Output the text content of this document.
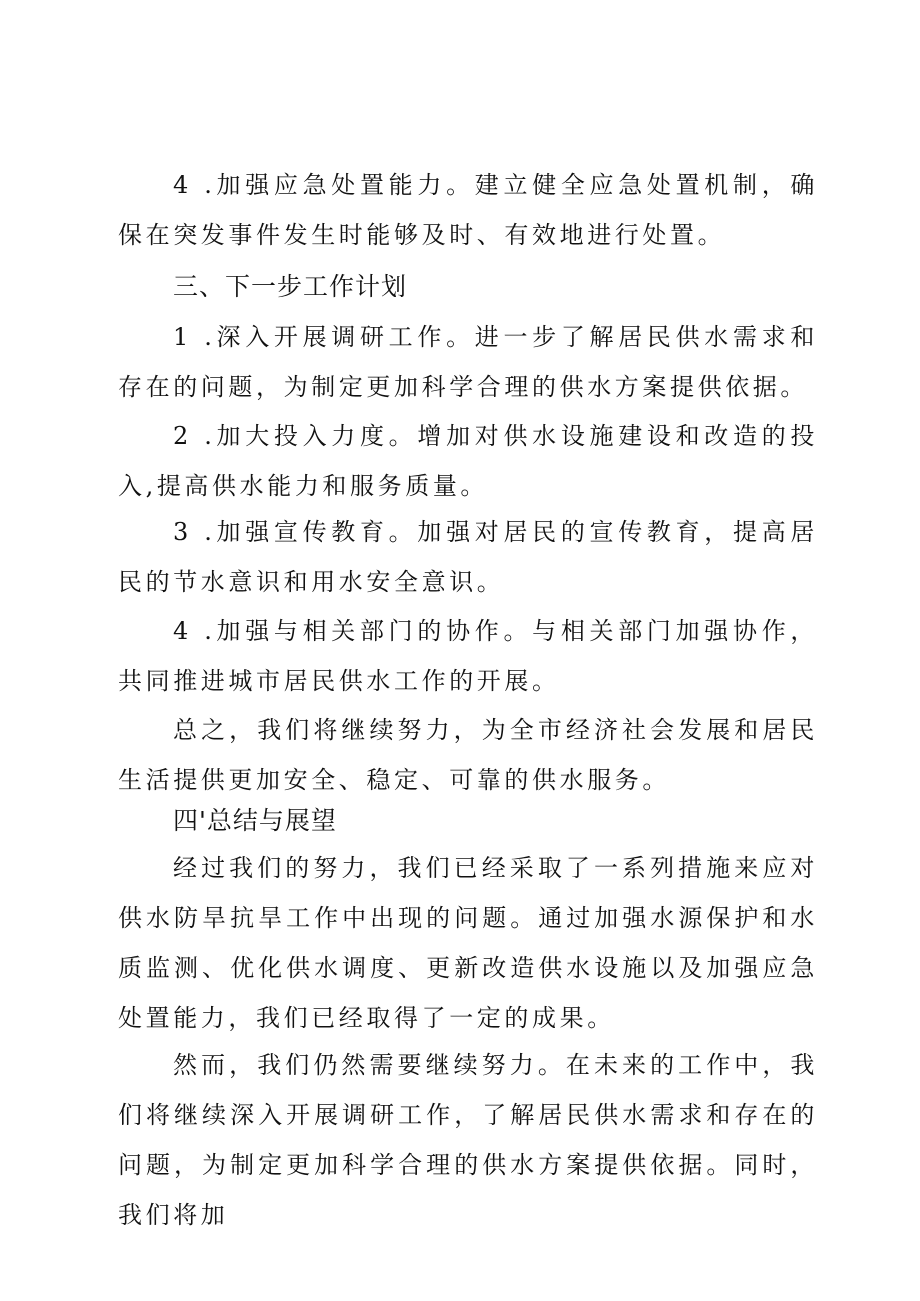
4 .加强应急处置能力。建立健全应急处置机制，确保在突发事件发生时能够及时、有效地进行处置。

三、下一步工作计划

1 .深入开展调研工作。进一步了解居民供水需求和存在的问题，为制定更加科学合理的供水方案提供依据。

2 .加大投入力度。增加对供水设施建设和改造的投入,提高供水能力和服务质量。

3 .加强宣传教育。加强对居民的宣传教育，提高居民的节水意识和用水安全意识。

4 .加强与相关部门的协作。与相关部门加强协作，共同推进城市居民供水工作的开展。

总之，我们将继续努力，为全市经济社会发展和居民生活提供更加安全、稳定、可靠的供水服务。

四'总结与展望

经过我们的努力，我们已经采取了一系列措施来应对供水防旱抗旱工作中出现的问题。通过加强水源保护和水质监测、优化供水调度、更新改造供水设施以及加强应急处置能力，我们已经取得了一定的成果。

然而，我们仍然需要继续努力。在未来的工作中，我们将继续深入开展调研工作，了解居民供水需求和存在的问题，为制定更加科学合理的供水方案提供依据。同时，我们将加
